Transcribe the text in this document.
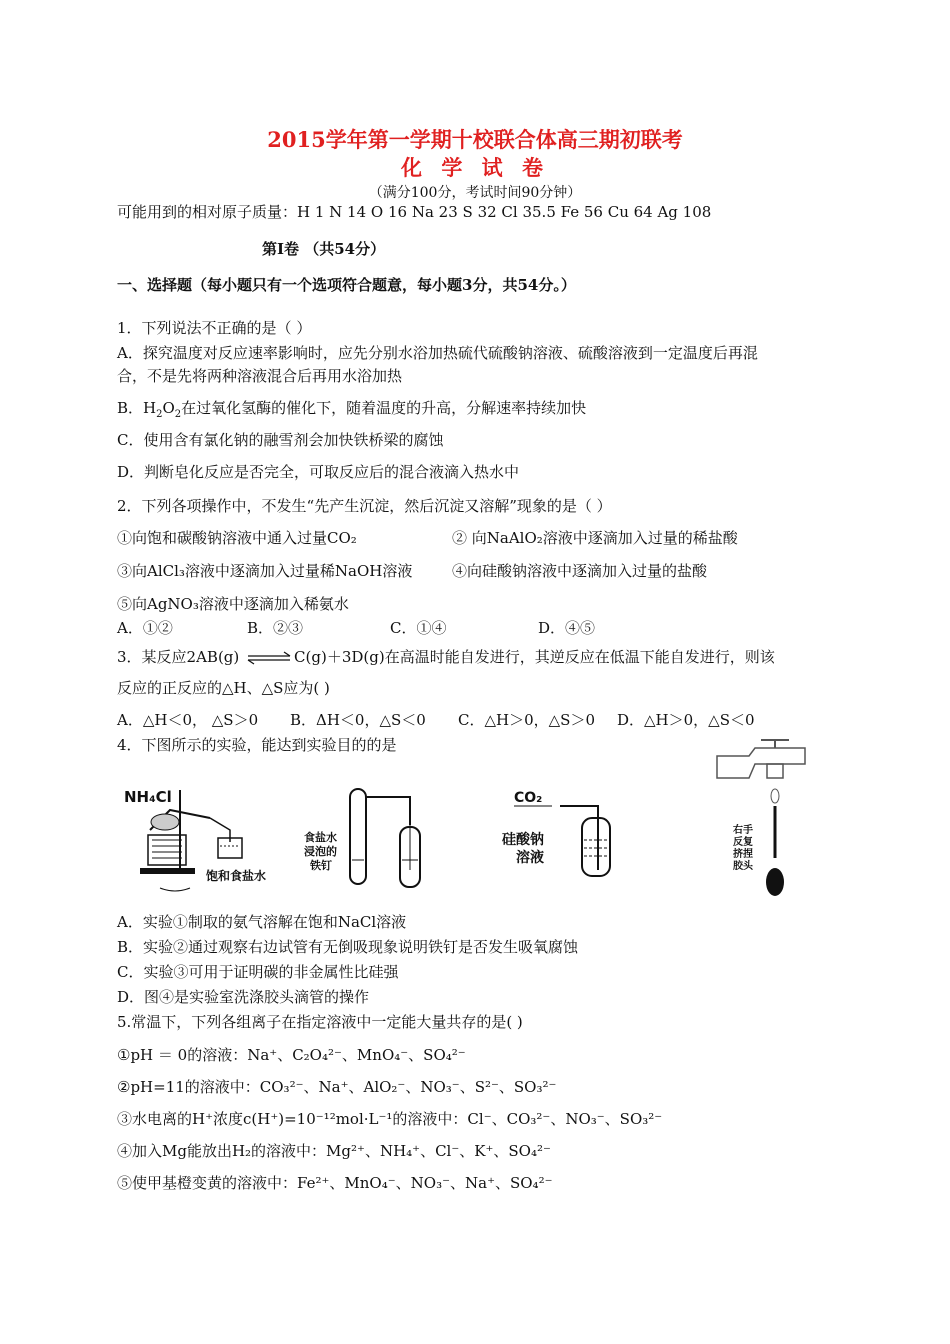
2015学年第一学期十校联合体高三期初联考
化 学 试 卷
（满分100分，考试时间90分钟）
可能用到的相对原子质量：H 1 N 14 O 16 Na 23 S 32 Cl 35.5 Fe 56 Cu 64 Ag 108
第Ⅰ卷 （共54分）
一、选择题（每小题只有一个选项符合题意，每小题3分，共54分。）
1．下列说法不正确的是（ ）
A．探究温度对反应速率影响时，应先分别水浴加热硫代硫酸钠溶液、硫酸溶液到一定温度后再混
合，不是先将两种溶液混合后再用水浴加热
B．$H_2O_2$在过氧化氢酶的催化下，随着温度的升高，分解速率持续加快
C．使用含有氯化钠的融雪剂会加快铁桥梁的腐蚀
D．判断皂化反应是否完全，可取反应后的混合液滴入热水中
2．下列各项操作中，不发生“先产生沉淀，然后沉淀又溶解”现象的是（ ）
①向饱和碳酸钠溶液中通入过量CO₂	② 向NaAlO₂溶液中逐滴加入过量的稀盐酸
③向AlCl₃溶液中逐滴加入过量稀NaOH溶液	④向硅酸钠溶液中逐滴加入过量的盐酸
⑤向AgNO₃溶液中逐滴加入稀氨水
A．①②	B．②③	C．①④	D．④⑤
3．某反应2AB(g) ⇌C(g)＋3D(g)在高温时能自发进行，其逆反应在低温下能自发进行，则该
反应的正反应的△H、△S应为( )
A．△H＜0， △S＞0 B．ΔH＜0，△S＜0 C．△H＞0，△S＞0 D．△H＞0，△S＜0
4．下图所示的实验，能达到实验目的的是
NH₄Cl
饱和食盐水
食盐水
浸泡的
铁钉
CO₂
硅酸钠
溶液
右手
反复
挤捏
胶头
A．实验①制取的氨气溶解在饱和NaCl溶液
B．实验②通过观察右边试管有无倒吸现象说明铁钉是否发生吸氧腐蚀
C．实验③可用于证明碳的非金属性比硅强
D．图④是实验室洗涤胶头滴管的操作
5.常温下，下列各组离子在指定溶液中一定能大量共存的是( )
①pH ＝ 0的溶液：Na⁺、C₂O₄²⁻、MnO₄⁻、SO₄²⁻
②pH=11的溶液中：CO₃²⁻、Na⁺、AlO₂⁻、NO₃⁻、S²⁻、SO₃²⁻
③水电离的H⁺浓度c(H⁺)=10⁻¹²mol·L⁻¹的溶液中：Cl⁻、CO₃²⁻、NO₃⁻、SO₃²⁻
④加入Mg能放出H₂的溶液中：Mg²⁺、NH₄⁺、Cl⁻、K⁺、SO₄²⁻
⑤使甲基橙变黄的溶液中：Fe²⁺、MnO₄⁻、NO₃⁻、Na⁺、SO₄²⁻
